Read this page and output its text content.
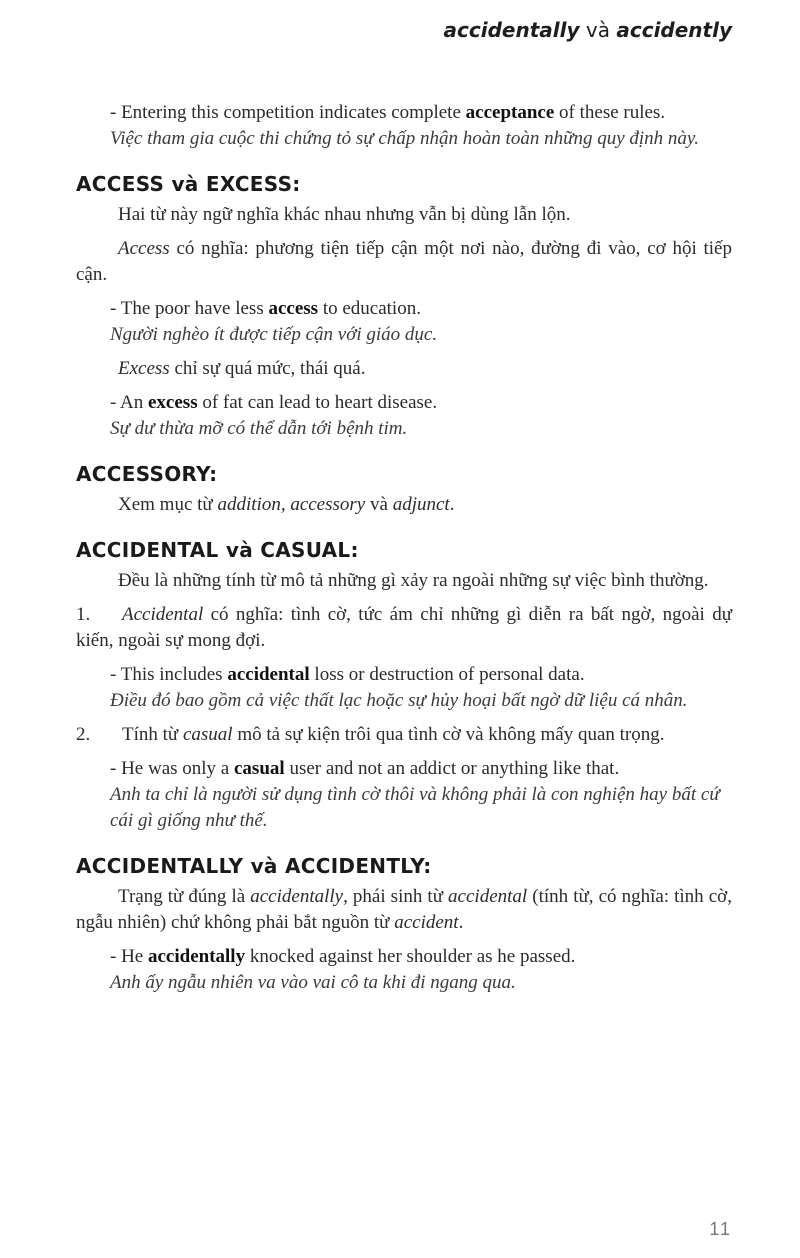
accidentally và accidently
- Entering this competition indicates complete acceptance of these rules.
Việc tham gia cuộc thi chứng tỏ sự chấp nhận hoàn toàn những quy định này.
ACCESS và EXCESS:

Hai từ này ngữ nghĩa khác nhau nhưng vẫn bị dùng lẫn lộn.

Access có nghĩa: phương tiện tiếp cận một nơi nào, đường đi vào, cơ hội tiếp cận.

- The poor have less access to education.
Người nghèo ít được tiếp cận với giáo dục.

Excess chỉ sự quá mức, thái quá.

- An excess of fat can lead to heart disease.
Sự dư thừa mỡ có thể dẫn tới bệnh tim.
ACCESSORY:

Xem mục từ addition, accessory và adjunct.

ACCIDENTAL và CASUAL:

Đều là những tính từ mô tả những gì xảy ra ngoài những sự việc bình thường.

1. Accidental có nghĩa: tình cờ, tức ám chỉ những gì diễn ra bất ngờ, ngoài dự kiến, ngoài sự mong đợi.

- This includes accidental loss or destruction of personal data.
Điều đó bao gồm cả việc thất lạc hoặc sự hủy hoại bất ngờ dữ liệu cá nhân.

2. Tính từ casual mô tả sự kiện trôi qua tình cờ và không mấy quan trọng.

- He was only a casual user and not an addict or anything like that.
Anh ta chỉ là người sử dụng tình cờ thôi và không phải là con nghiện hay bất cứ cái gì giống như thế.
ACCIDENTALLY và ACCIDENTLY:

Trạng từ đúng là accidentally, phái sinh từ accidental (tính từ, có nghĩa: tình cờ, ngẫu nhiên) chứ không phải bắt nguồn từ accident.

- He accidentally knocked against her shoulder as he passed.
Anh ấy ngẫu nhiên va vào vai cô ta khi đi ngang qua.
11
